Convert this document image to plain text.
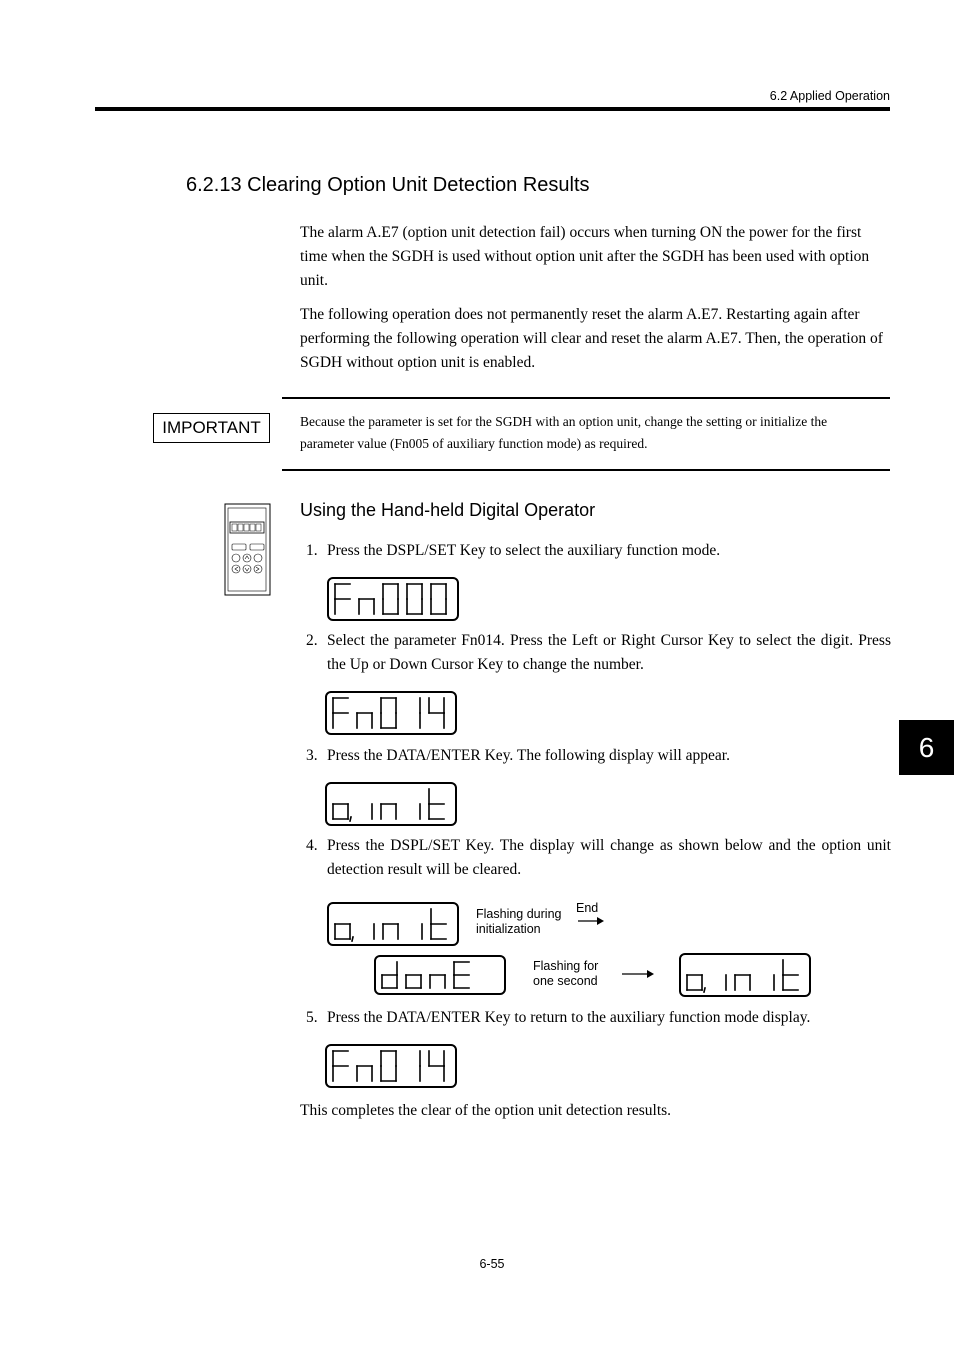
6.2 Applied Operation
6.2.13 Clearing Option Unit Detection Results
The alarm A.E7 (option unit detection fail) occurs when turning ON the power for the first time when the SGDH is used without option unit after the SGDH has been used with option unit.
The following operation does not permanently reset the alarm A.E7. Restarting again after performing the following operation will clear and reset the alarm A.E7. Then, the operation of SGDH without option unit is enabled.
IMPORTANT	Because the parameter is set for the SGDH with an option unit, change the setting or initialize the parameter value (Fn005 of auxiliary function mode) as required.
Using the Hand-held Digital Operator
1. Press the DSPL/SET Key to select the auxiliary function mode.
2. Select the parameter Fn014. Press the Left or Right Cursor Key to select the digit. Press the Up or Down Cursor Key to change the number.
3. Press the DATA/ENTER Key. The following display will appear.
4. Press the DSPL/SET Key. The display will change as shown below and the option unit detection result will be cleared.
5. Press the DATA/ENTER Key to return to the auxiliary function mode display.
Flashing during
initialization
End
Flashing for
one second
This completes the clear of the option unit detection results.
6-55
6
